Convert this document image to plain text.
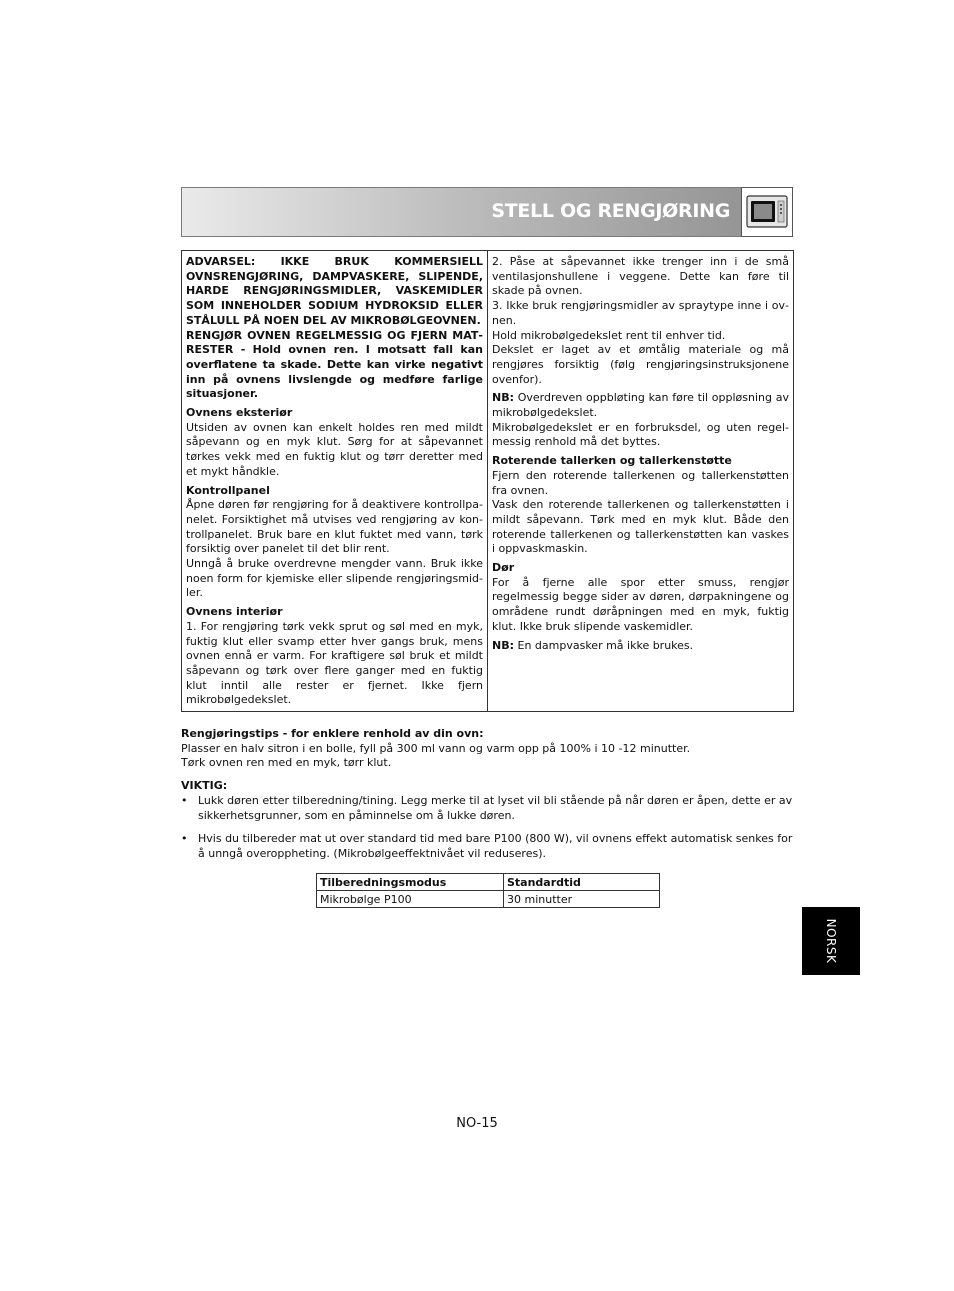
STELL OG RENGJØRING

ADVARSEL: IKKE BRUK KOMMERSIELL OVNSRENGJØRING, DAMPVASKERE, SLIPENDE, HARDE RENGJØRINGSMIDLER, VASKEMIDLER SOM INNEHOLDER SODIUM HYDROKSID ELLER STÅLULL PÅ NOEN DEL AV MIKROBØLGEOVNEN.

RENGJØR OVNEN REGELMESSIG OG FJERN MATRESTER - Hold ovnen ren. I motsatt fall kan overflatene ta skade. Dette kan virke negativt inn på ovnens livslengde og medføre farlige situasjoner.

Ovnens eksteriør

Utsiden av ovnen kan enkelt holdes ren med mildt såpevann og en myk klut. Sørg for at såpevannet tørkes vekk med en fuktig klut og tørr deretter med et mykt håndkle.

Kontrollpanel

Åpne døren før rengjøring for å deaktivere kontrollpanelet. Forsiktighet må utvises ved rengjøring av kontrollpanelet. Bruk bare en klut fuktet med vann, tørk forsiktig over panelet til det blir rent.

Unngå å bruke overdrevne mengder vann. Bruk ikke noen form for kjemiske eller slipende rengjøringsmidler.

Ovnens interiør

1. For rengjøring tørk vekk sprut og søl med en myk, fuktig klut eller svamp etter hver gangs bruk, mens ovnen ennå er varm. For kraftigere søl bruk et mildt såpevann og tørk over flere ganger med en fuktig klut inntil alle rester er fjernet. Ikke fjern mikrobølgedekslet.

2. Påse at såpevannet ikke trenger inn i de små ventilasjonshullene i veggene. Dette kan føre til skade på ovnen.

3. Ikke bruk rengjøringsmidler av spraytype inne i ovnen.

Hold mikrobølgedekslet rent til enhver tid.

Dekslet er laget av et ømtålig materiale og må rengjøres forsiktig (følg rengjøringsinstruksjonene ovenfor).

NB: Overdreven oppbløting kan føre til oppløsning av mikrobølgedekslet.

Mikrobølgedekslet er en forbruksdel, og uten regelmessig renhold må det byttes.

Roterende tallerken og tallerkenstøtte

Fjern den roterende tallerkenen og tallerkenstøtten fra ovnen.

Vask den roterende tallerkenen og tallerkenstøtten i mildt såpevann. Tørk med en myk klut. Både den roterende tallerkenen og tallerkenstøtten kan vaskes i oppvaskmaskin.

Dør

For å fjerne alle spor etter smuss, rengjør regelmessig begge sider av døren, dørpakningene og områdene rundt døråpningen med en myk, fuktig klut. Ikke bruk slipende vaskemidler.

NB: En dampvasker må ikke brukes.

Rengjøringstips - for enklere renhold av din ovn:

Plasser en halv sitron i en bolle, fyll på 300 ml vann og varm opp på 100% i 10 -12 minutter.

Tørk ovnen ren med en myk, tørr klut.

VIKTIG:

• Lukk døren etter tilberedning/tining. Legg merke til at lyset vil bli stående på når døren er åpen, dette er av sikkerhetsgrunner, som en påminnelse om å lukke døren.
• Hvis du tilbereder mat ut over standard tid med bare P100 (800 W), vil ovnens effekt automatisk senkes for å unngå overoppheting. (Mikrobølgeeffektnivået vil reduseres).
Tilberedningsmodus	Standardtid
Mikrobølge P100	30 minutter
NORSK
NO-15
